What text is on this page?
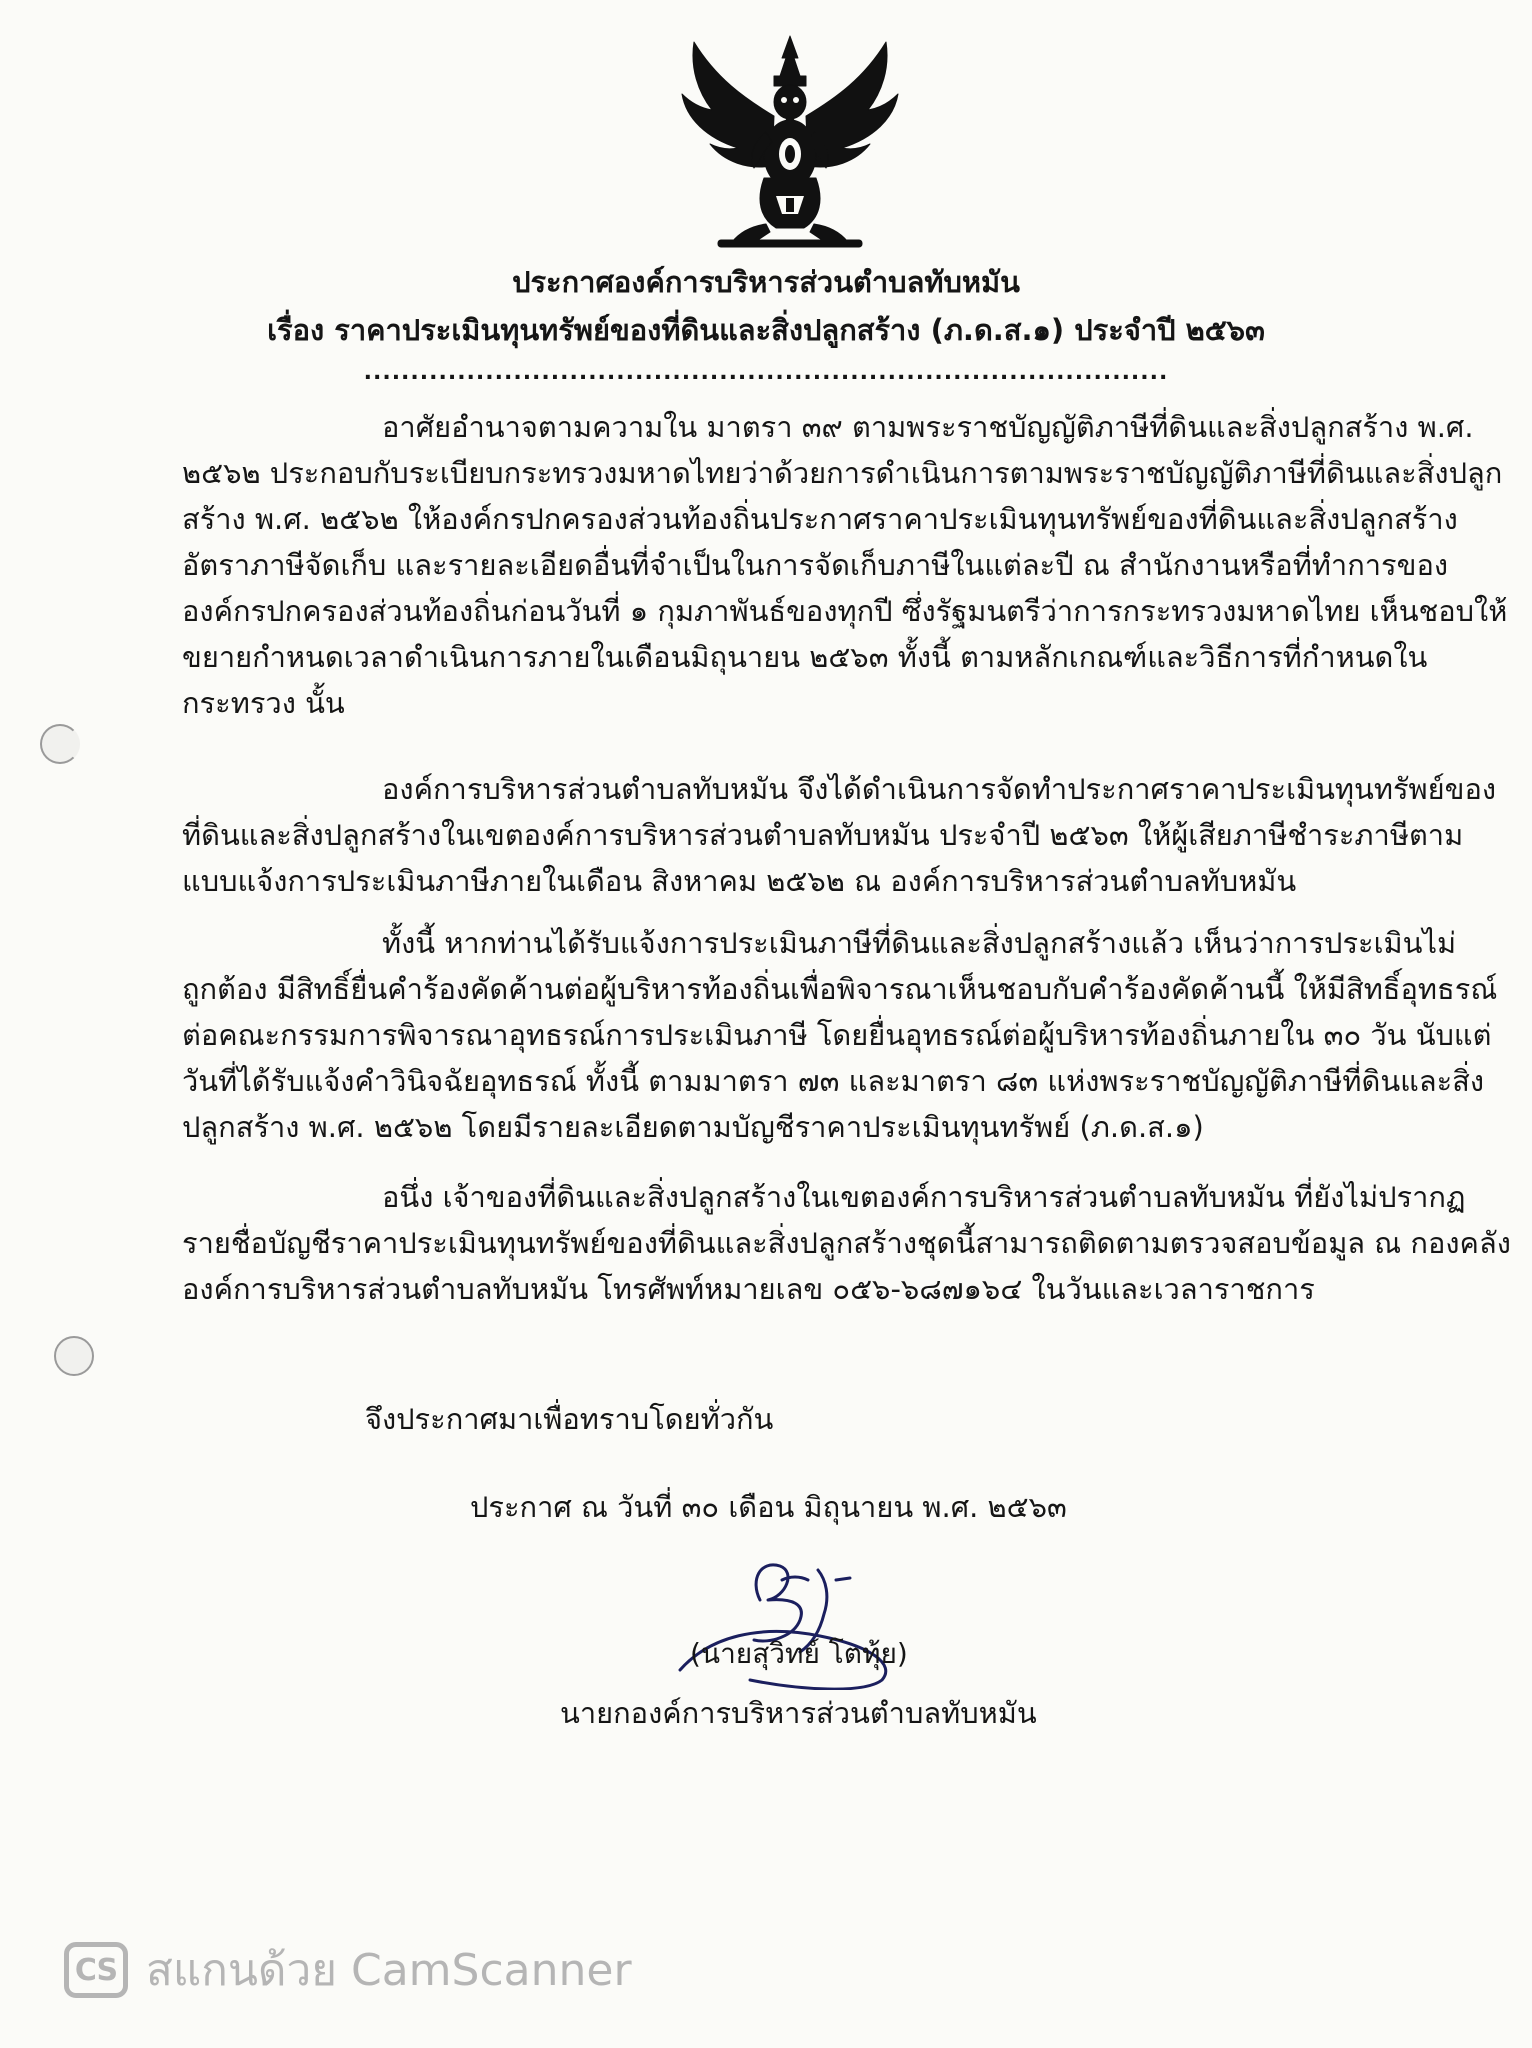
ประกาศองค์การบริหารส่วนตำบลทับหมัน
เรื่อง ราคาประเมินทุนทรัพย์ของที่ดินและสิ่งปลูกสร้าง (ภ.ด.ส.๑) ประจำปี ๒๕๖๓
......................................................................................
อาศัยอำนาจตามความใน มาตรา ๓๙ ตามพระราชบัญญัติภาษีที่ดินและสิ่งปลูกสร้าง พ.ศ.
๒๕๖๒ ประกอบกับระเบียบกระทรวงมหาดไทยว่าด้วยการดำเนินการตามพระราชบัญญัติภาษีที่ดินและสิ่งปลูก
สร้าง พ.ศ. ๒๕๖๒ ให้องค์กรปกครองส่วนท้องถิ่นประกาศราคาประเมินทุนทรัพย์ของที่ดินและสิ่งปลูกสร้าง
อัตราภาษีจัดเก็บ และรายละเอียดอื่นที่จำเป็นในการจัดเก็บภาษีในแต่ละปี ณ สำนักงานหรือที่ทำการของ
องค์กรปกครองส่วนท้องถิ่นก่อนวันที่ ๑ กุมภาพันธ์ของทุกปี ซึ่งรัฐมนตรีว่าการกระทรวงมหาดไทย เห็นชอบให้
ขยายกำหนดเวลาดำเนินการภายในเดือนมิถุนายน ๒๕๖๓ ทั้งนี้ ตามหลักเกณฑ์และวิธีการที่กำหนดใน
กระทรวง นั้น
องค์การบริหารส่วนตำบลทับหมัน จึงได้ดำเนินการจัดทำประกาศราคาประเมินทุนทรัพย์ของ
ที่ดินและสิ่งปลูกสร้างในเขตองค์การบริหารส่วนตำบลทับหมัน ประจำปี ๒๕๖๓ ให้ผู้เสียภาษีชำระภาษีตาม
แบบแจ้งการประเมินภาษีภายในเดือน สิงหาคม ๒๕๖๒ ณ องค์การบริหารส่วนตำบลทับหมัน
ทั้งนี้ หากท่านได้รับแจ้งการประเมินภาษีที่ดินและสิ่งปลูกสร้างแล้ว เห็นว่าการประเมินไม่
ถูกต้อง มีสิทธิ์ยื่นคำร้องคัดค้านต่อผู้บริหารท้องถิ่นเพื่อพิจารณาเห็นชอบกับคำร้องคัดค้านนี้ ให้มีสิทธิ์อุทธรณ์
ต่อคณะกรรมการพิจารณาอุทธรณ์การประเมินภาษี โดยยื่นอุทธรณ์ต่อผู้บริหารท้องถิ่นภายใน ๓๐ วัน นับแต่
วันที่ได้รับแจ้งคำวินิจฉัยอุทธรณ์ ทั้งนี้ ตามมาตรา ๗๓ และมาตรา ๘๓ แห่งพระราชบัญญัติภาษีที่ดินและสิ่ง
ปลูกสร้าง พ.ศ. ๒๕๖๒ โดยมีรายละเอียดตามบัญชีราคาประเมินทุนทรัพย์ (ภ.ด.ส.๑)
อนึ่ง เจ้าของที่ดินและสิ่งปลูกสร้างในเขตองค์การบริหารส่วนตำบลทับหมัน ที่ยังไม่ปรากฏ
รายชื่อบัญชีราคาประเมินทุนทรัพย์ของที่ดินและสิ่งปลูกสร้างชุดนี้สามารถติดตามตรวจสอบข้อมูล ณ กองคลัง
องค์การบริหารส่วนตำบลทับหมัน โทรศัพท์หมายเลข ๐๕๖-๖๘๗๑๖๔ ในวันและเวลาราชการ
จึงประกาศมาเพื่อทราบโดยทั่วกัน
ประกาศ ณ วันที่ ๓๐ เดือน มิถุนายน พ.ศ. ๒๕๖๓
(นายสุวิทย์ โตทุ้ย)
นายกองค์การบริหารส่วนตำบลทับหมัน
CS สแกนด้วย CamScanner
